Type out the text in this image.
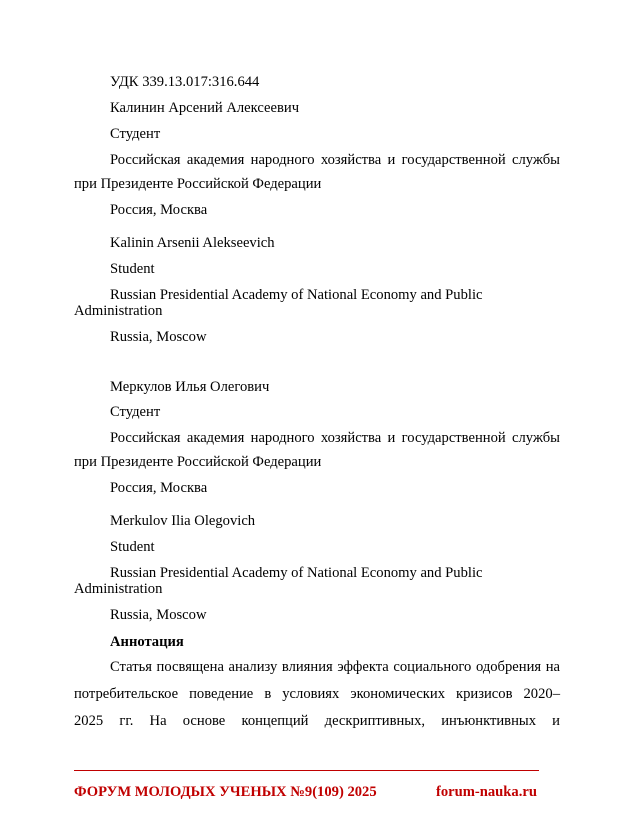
УДК 339.13.017:316.644
Калинин Арсений Алексеевич
Студент
Российская академия народного хозяйства и государственной службы
при Президенте Российской Федерации
Россия, Москва
Kalinin Arsenii Alekseevich
Student
Russian Presidential Academy of National Economy and Public
Administration
Russia, Moscow
Меркулов Илья Олегович
Студент
Российская академия народного хозяйства и государственной службы
при Президенте Российской Федерации
Россия, Москва
Merkulov Ilia Olegovich
Student
Russian Presidential Academy of National Economy and Public
Administration
Russia, Moscow
Аннотация
Статья посвящена анализу влияния эффекта социального одобрения на
потребительское поведение в условиях экономических кризисов 2020–
2025 гг. На основе концепций дескриптивных, инъюнктивных и
ФОРУМ МОЛОДЫХ УЧЕНЫХ №9(109) 2025	forum-nauka.ru
